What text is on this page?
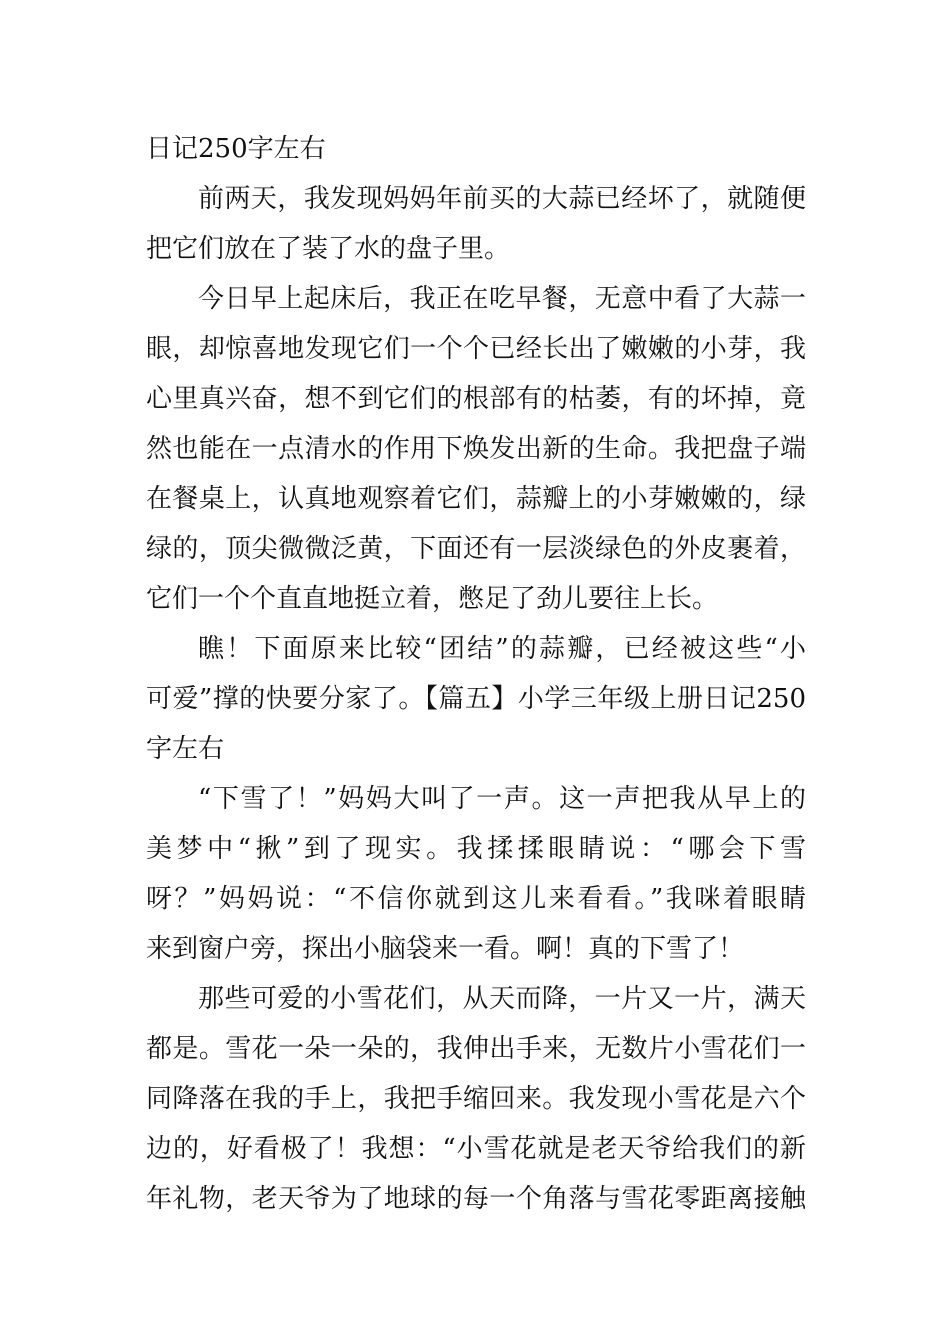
日记250字左右
前两天，我发现妈妈年前买的大蒜已经坏了，就随便
把它们放在了装了水的盘子里。
今日早上起床后，我正在吃早餐，无意中看了大蒜一
眼，却惊喜地发现它们一个个已经长出了嫩嫩的小芽，我
心里真兴奋，想不到它们的根部有的枯萎，有的坏掉，竟
然也能在一点清水的作用下焕发出新的生命。我把盘子端
在餐桌上，认真地观察着它们，蒜瓣上的小芽嫩嫩的，绿
绿的，顶尖微微泛黄，下面还有一层淡绿色的外皮裹着，
它们一个个直直地挺立着，憋足了劲儿要往上长。
瞧！下面原来比较“团结”的蒜瓣，已经被这些“小
可爱”撑的快要分家了。【篇五】小学三年级上册日记250
字左右
“下雪了！”妈妈大叫了一声。这一声把我从早上的
美梦中“揪”到了现实。我揉揉眼睛说：“哪会下雪
呀？”妈妈说：“不信你就到这儿来看看。”我咪着眼睛
来到窗户旁，探出小脑袋来一看。啊！真的下雪了！
那些可爱的小雪花们，从天而降，一片又一片，满天
都是。雪花一朵一朵的，我伸出手来，无数片小雪花们一
同降落在我的手上，我把手缩回来。我发现小雪花是六个
边的，好看极了！我想：“小雪花就是老天爷给我们的新
年礼物，老天爷为了地球的每一个角落与雪花零距离接触
